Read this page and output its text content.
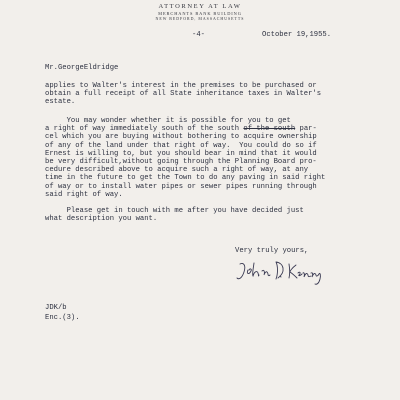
ATTORNEY AT LAW
MERCHANTS BANK BUILDING
NEW BEDFORD, MASSACHUSETTS
-4-	October 19,1955.
Mr.GeorgeEldridge
applies to Walter's interest in the premises to be purchased or
obtain a full receipt of all State inheritance taxes in Walter's
estate.
You may wonder whether it is possible for you to get
a right of way immediately south of the south of the south par-
cel which you are buying without bothering to acquire ownership
of any of the land under that right of way.  You could do so if
Ernest is willing to, but you should bear in mind that it would
be very difficult,without going through the Planning Board pro-
cedure described above to acquire such a right of way, at any
time in the future to get the Town to do any paving in said right
of way or to install water pipes or sewer pipes running through
said right of way.
Please get in touch with me after you have decided just
what description you want.
Very truly yours,
JDK/b
Enc.(3).
